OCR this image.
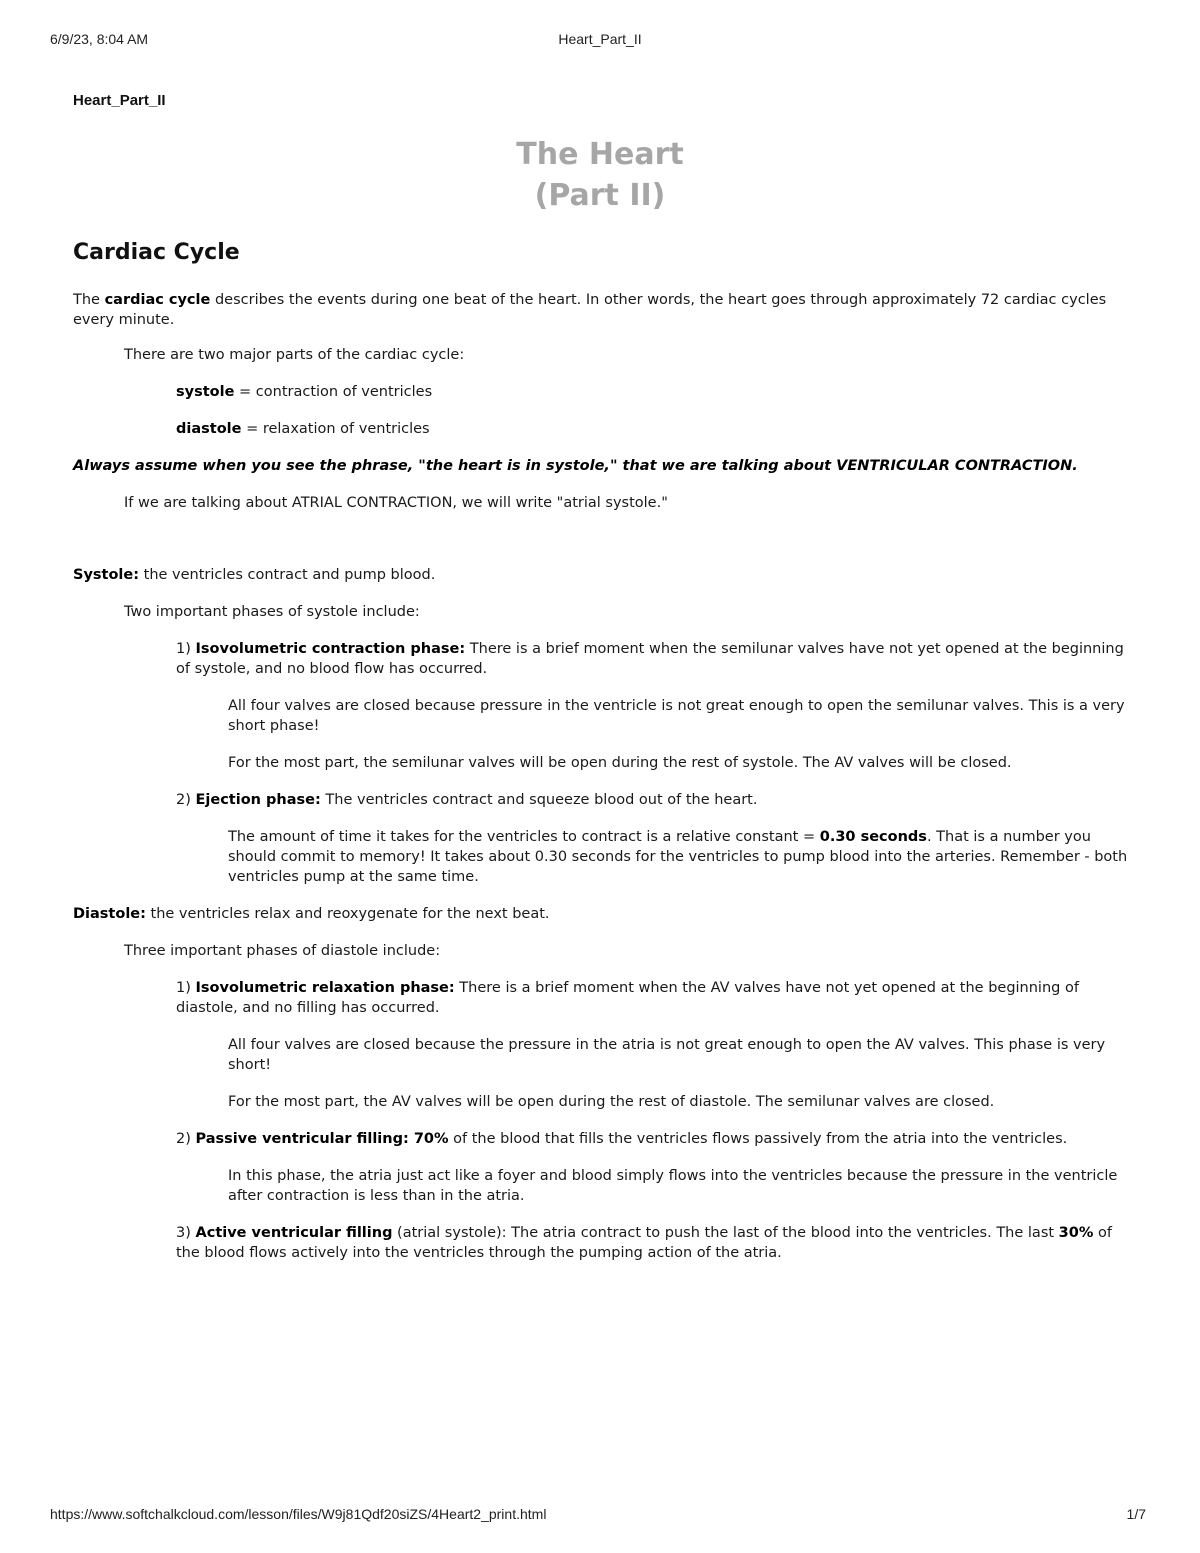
6/9/23, 8:04 AM	Heart_Part_II
Heart_Part_II
The Heart
(Part II)
Cardiac Cycle

The cardiac cycle describes the events during one beat of the heart. In other words, the heart goes through approximately 72 cardiac cycles every minute.

There are two major parts of the cardiac cycle:

systole = contraction of ventricles

diastole = relaxation of ventricles

Always assume when you see the phrase, "the heart is in systole," that we are talking about VENTRICULAR CONTRACTION.

If we are talking about ATRIAL CONTRACTION, we will write "atrial systole."

Systole: the ventricles contract and pump blood.

Two important phases of systole include:

1) Isovolumetric contraction phase: There is a brief moment when the semilunar valves have not yet opened at the beginning of systole, and no blood flow has occurred.

All four valves are closed because pressure in the ventricle is not great enough to open the semilunar valves. This is a very short phase!

For the most part, the semilunar valves will be open during the rest of systole. The AV valves will be closed.

2) Ejection phase: The ventricles contract and squeeze blood out of the heart.

The amount of time it takes for the ventricles to contract is a relative constant = 0.30 seconds. That is a number you should commit to memory! It takes about 0.30 seconds for the ventricles to pump blood into the arteries. Remember - both ventricles pump at the same time.

Diastole: the ventricles relax and reoxygenate for the next beat.

Three important phases of diastole include:

1) Isovolumetric relaxation phase: There is a brief moment when the AV valves have not yet opened at the beginning of diastole, and no filling has occurred.

All four valves are closed because the pressure in the atria is not great enough to open the AV valves. This phase is very short!

For the most part, the AV valves will be open during the rest of diastole. The semilunar valves are closed.

2) Passive ventricular filling: 70% of the blood that fills the ventricles flows passively from the atria into the ventricles.

In this phase, the atria just act like a foyer and blood simply flows into the ventricles because the pressure in the ventricle after contraction is less than in the atria.

3) Active ventricular filling (atrial systole): The atria contract to push the last of the blood into the ventricles. The last 30% of the blood flows actively into the ventricles through the pumping action of the atria.

https://www.softchalkcloud.com/lesson/files/W9j81Qdf20siZS/4Heart2_print.html	1/7
